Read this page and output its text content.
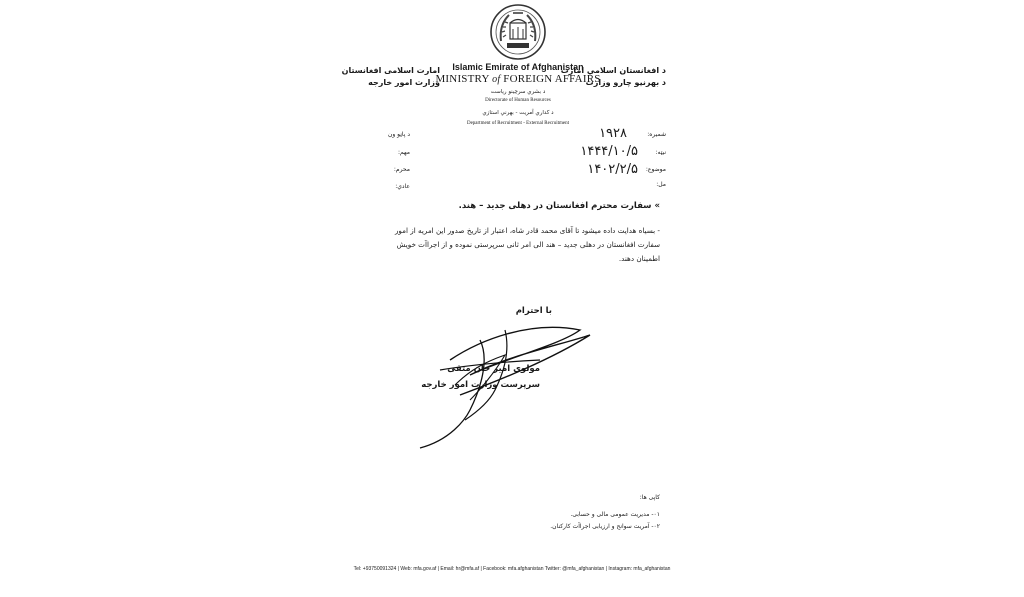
Islamic Emirate of Afghanistan
MINISTRY of FOREIGN AFFAIRS
د بشري سرچينو رياست
Directorate of Human Resources
د كداري آمريت - بهرني استازي
Department of Recruitment - External Recruitment
د افغانستان اسلامي امارت
د بهرنيو چارو وزارت
امارت اسلامی افغانستان
وزارت امور خارجه
د پاڼو ون
مهم:
محرم:
عادي:
شميره:
نيټه:
موضوع:
مل:
۱۹۲۸
۱۴۴۴/۱۰/۵
۱۴۰۲/۲/۵
» سفارت محترم افغانستان در دهلی جدید – هند.
- بسیاه هدایت داده میشود تا آقای محمد قادر شاه، اعتبار از تاریخ صدور این امریه از امور
سفارت افغانستان در دهلی جدید – هند الی امر ثانی سرپرستی نموده و از اجراآت خویش
اطمینان دهند.
با احترام
مولوی امیر خان متقی
سرپرست وزارت امور خارجه
کاپی ها:
۰۱- مدیریت عمومی مالی و حسابی.
۰۲- آمریت سوانح و ارزیابی اجراآت کارکنان.
Tel: +93750091324 | Web: mfa.gov.af | Email: hr@mfa.af | Facebook: mfa.afghanistan Twitter: @mfa_afghanistan | Instagram: mfa_afghanistan
